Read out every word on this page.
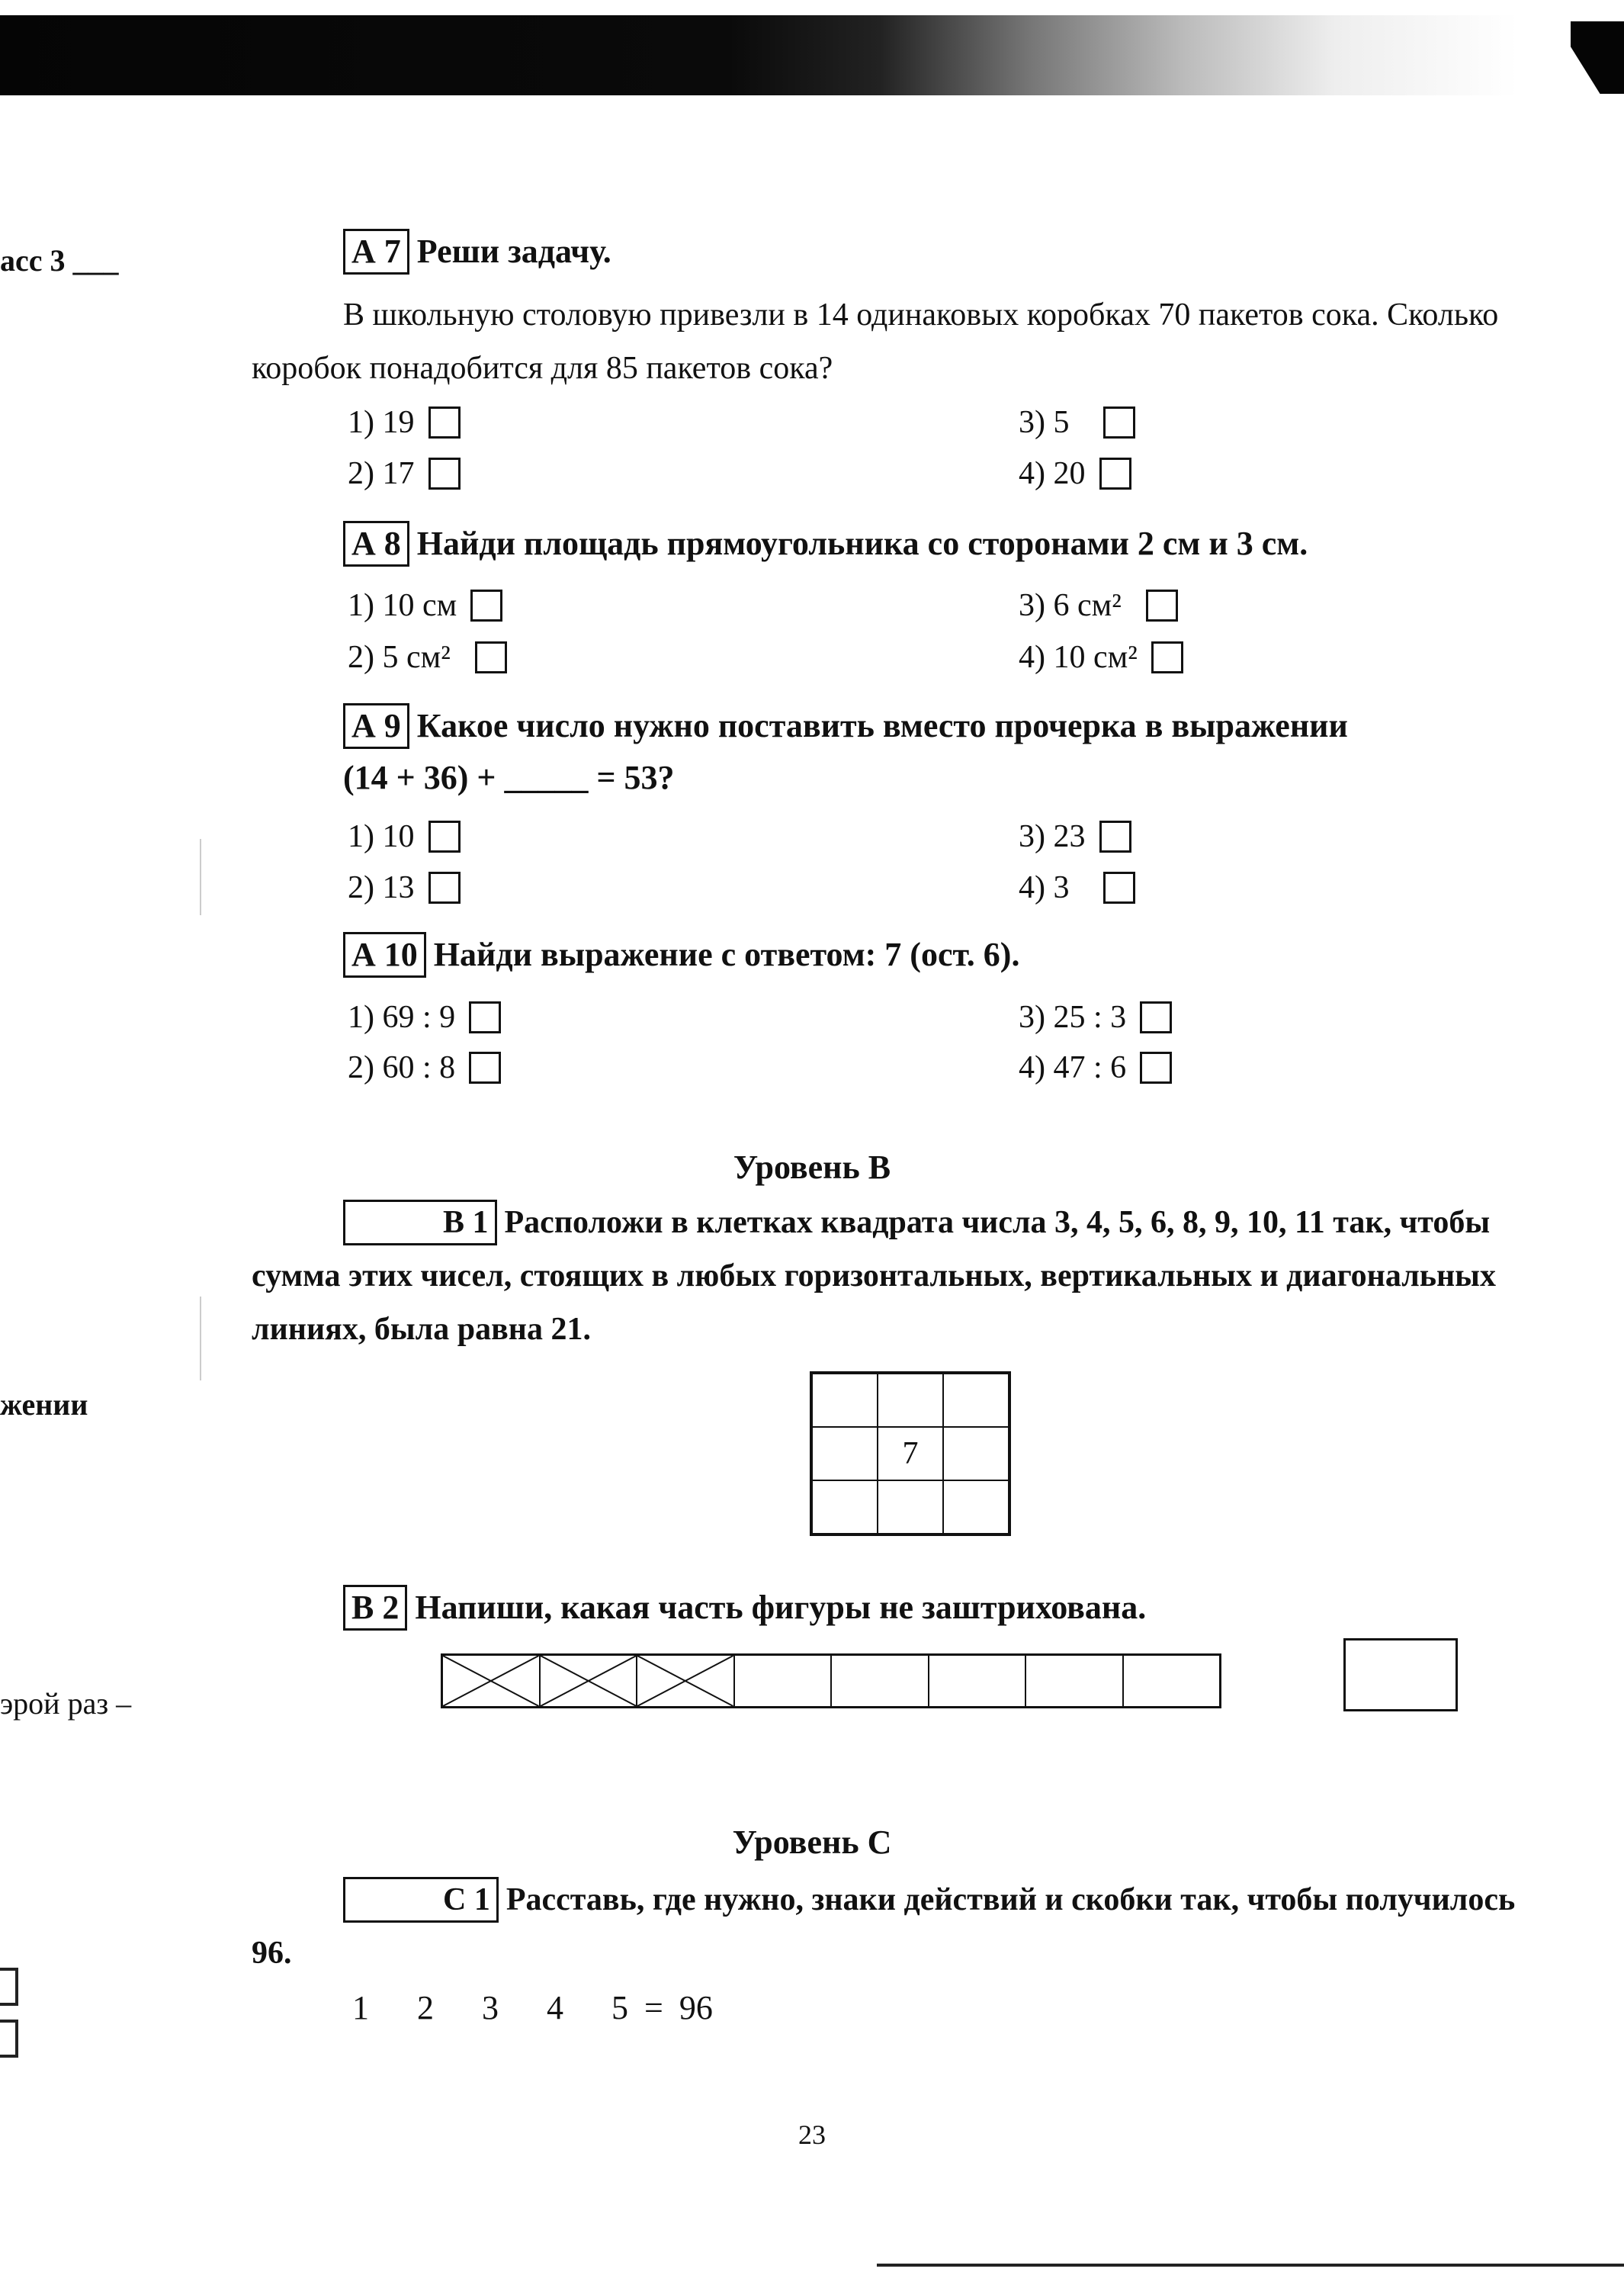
асс 3 ___
жении
эрой раз –
А 7 Реши задачу.
В школьную столовую привезли в 14 одинаковых коробках 70 пакетов сока. Сколько коробок понадобится для 85 пакетов сока?
1) 19
2) 17
3) 5
4) 20
А 8 Найди площадь прямоугольника со сторонами 2 см и 3 см.
1) 10 см
2) 5 см²
3) 6 см²
4) 10 см²
А 9 Какое число нужно поставить вместо прочерка в выражении
(14 + 36) + _____ = 53?
1) 10
2) 13
3) 23
4) 3
А 10 Найди выражение с ответом: 7 (ост. 6).
1) 69 : 9
2) 60 : 8
3) 25 : 3
4) 47 : 6
Уровень В
В 1 Расположи в клетках квадрата числа 3, 4, 5, 6, 8, 9, 10, 11 так, чтобы сумма этих чисел, стоящих в любых горизонтальных, вертикальных и диагональных линиях, была равна 21.
7
В 2 Напиши, какая часть фигуры не заштрихована.
Уровень С
С 1 Расставь, где нужно, знаки действий и скобки так, чтобы получилось 96.
1   2   3   4   5 = 96
23
